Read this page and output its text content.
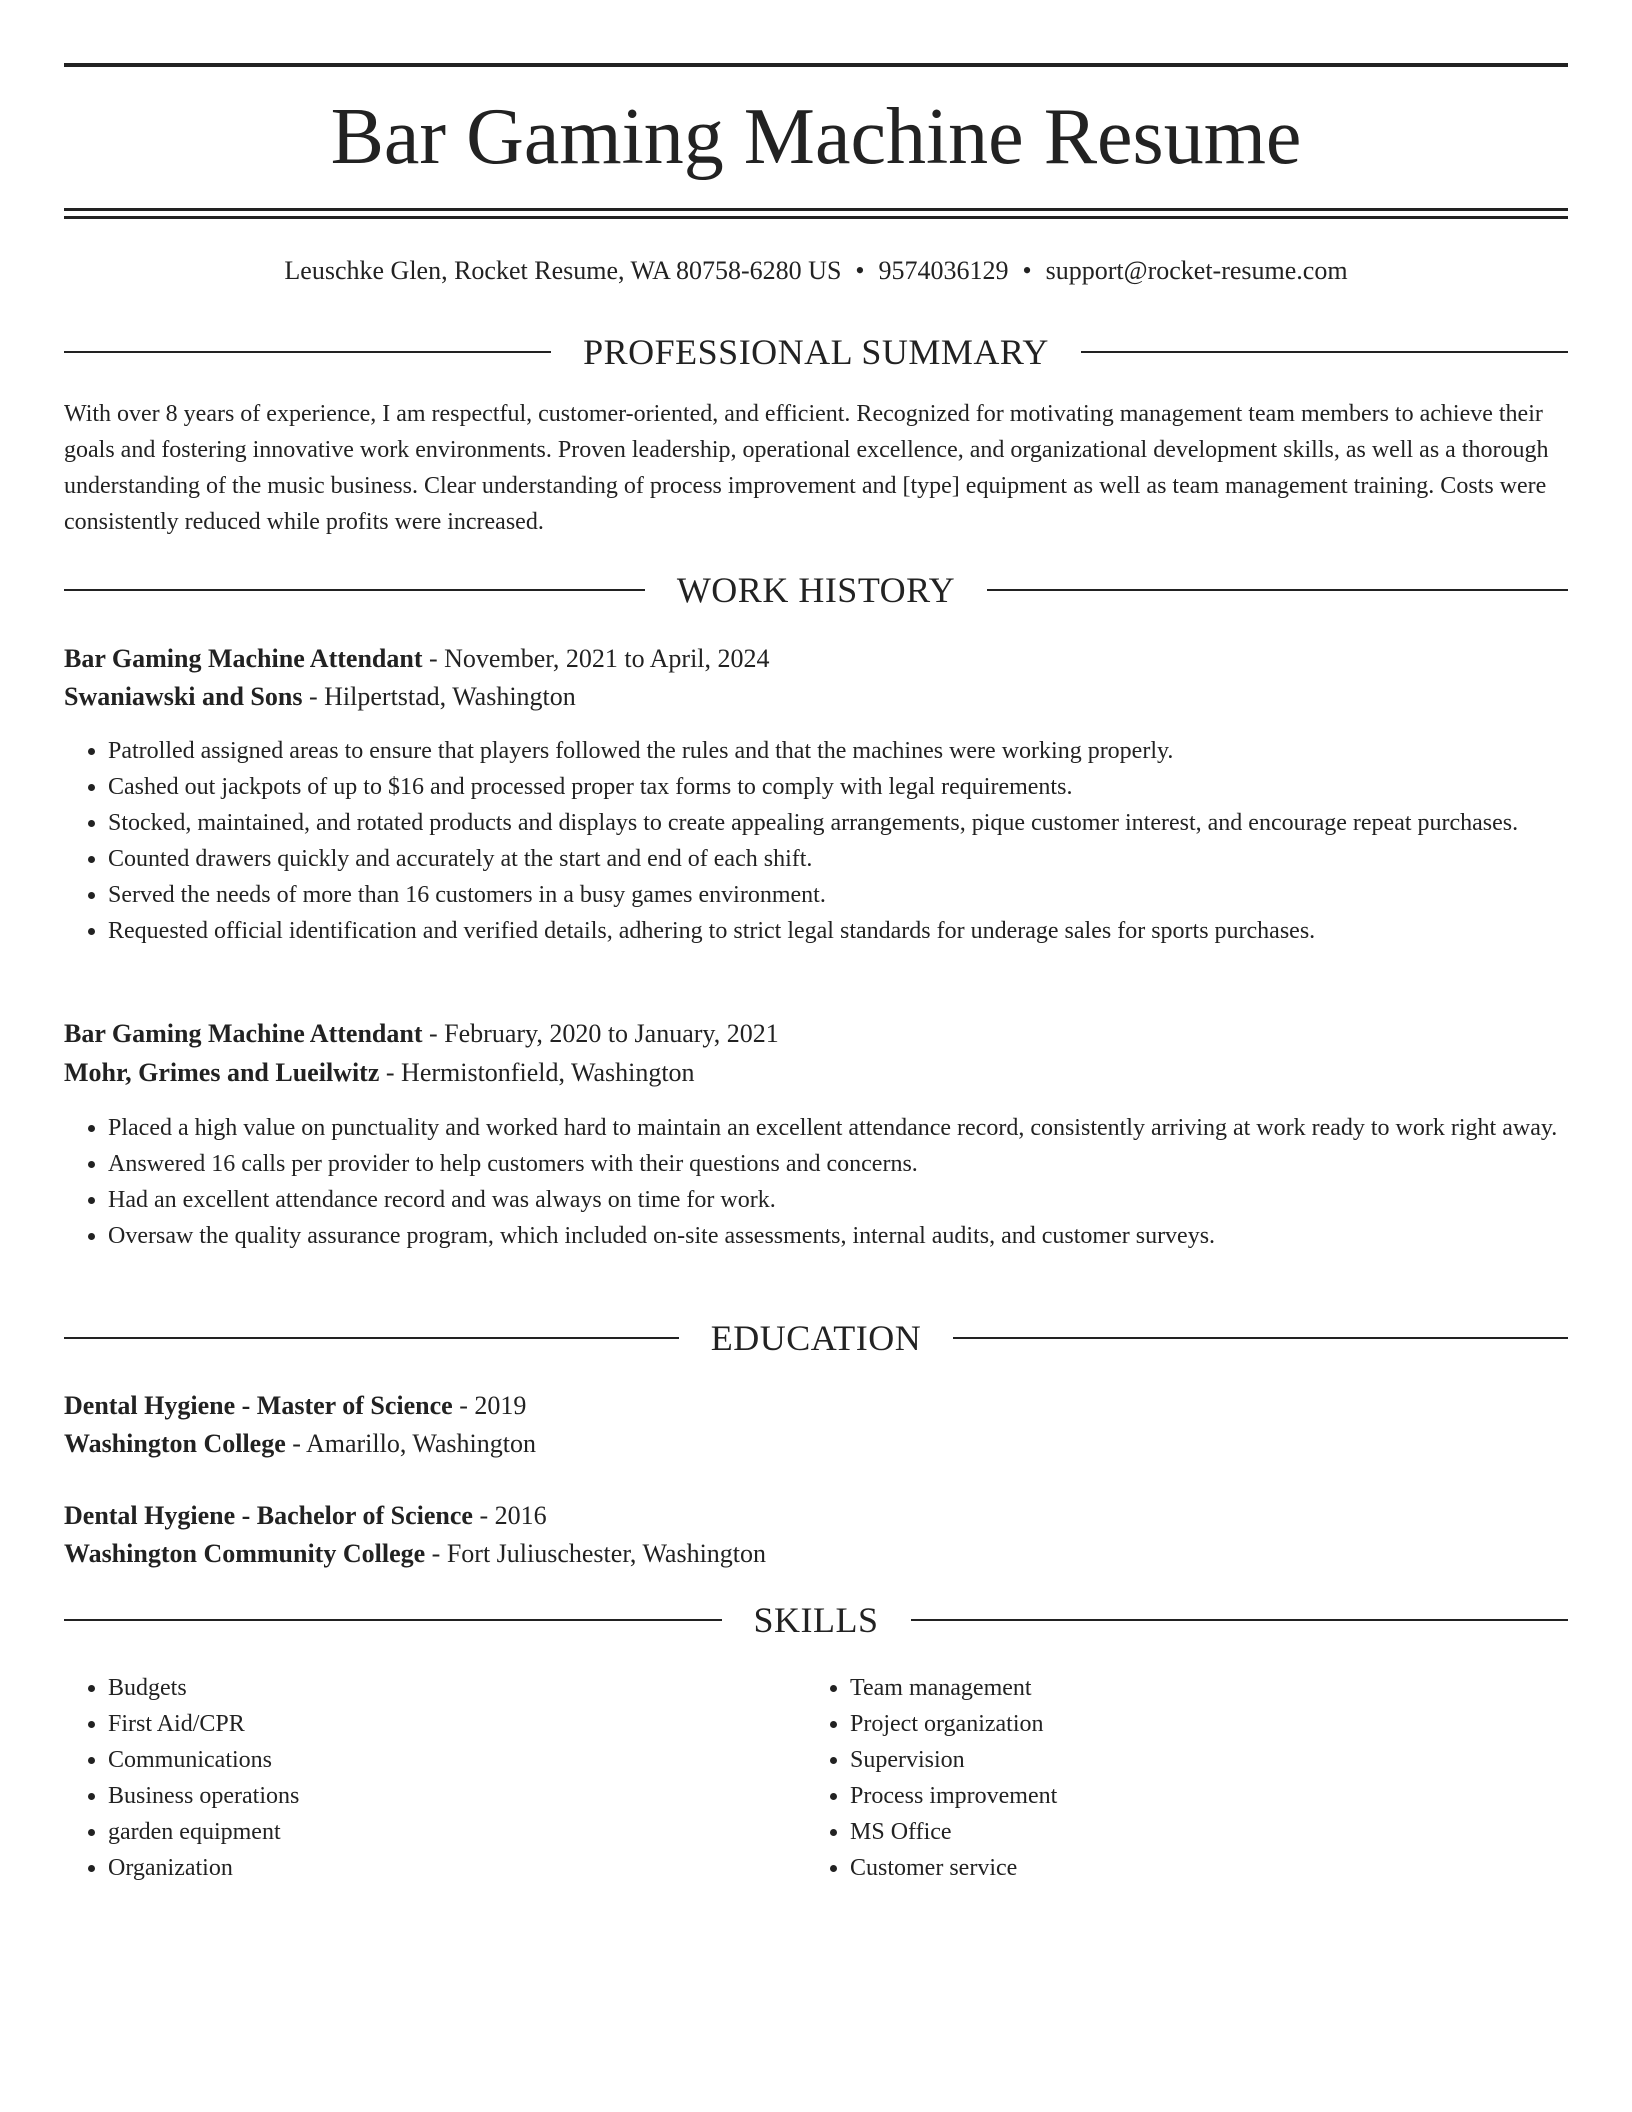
Bar Gaming Machine Resume
Leuschke Glen, Rocket Resume, WA 80758-6280 US • 9574036129 • support@rocket-resume.com
PROFESSIONAL SUMMARY

With over 8 years of experience, I am respectful, customer-oriented, and efficient. Recognized for motivating management team members to achieve their goals and fostering innovative work environments. Proven leadership, operational excellence, and organizational development skills, as well as a thorough understanding of the music business. Clear understanding of process improvement and [type] equipment as well as team management training. Costs were consistently reduced while profits were increased.

WORK HISTORY
Bar Gaming Machine Attendant - November, 2021 to April, 2024
Swaniawski and Sons - Hilpertstad, Washington
• Patrolled assigned areas to ensure that players followed the rules and that the machines were working properly.
• Cashed out jackpots of up to $16 and processed proper tax forms to comply with legal requirements.
• Stocked, maintained, and rotated products and displays to create appealing arrangements, pique customer interest, and encourage repeat purchases.
• Counted drawers quickly and accurately at the start and end of each shift.
• Served the needs of more than 16 customers in a busy games environment.
• Requested official identification and verified details, adhering to strict legal standards for underage sales for sports purchases.
Bar Gaming Machine Attendant - February, 2020 to January, 2021
Mohr, Grimes and Lueilwitz - Hermistonfield, Washington
• Placed a high value on punctuality and worked hard to maintain an excellent attendance record, consistently arriving at work ready to work right away.
• Answered 16 calls per provider to help customers with their questions and concerns.
• Had an excellent attendance record and was always on time for work.
• Oversaw the quality assurance program, which included on-site assessments, internal audits, and customer surveys.
EDUCATION
Dental Hygiene - Master of Science - 2019
Washington College - Amarillo, Washington
Dental Hygiene - Bachelor of Science - 2016
Washington Community College - Fort Juliuschester, Washington
SKILLS
• Budgets
• First Aid/CPR
• Communications
• Business operations
• garden equipment
• Organization
• Team management
• Project organization
• Supervision
• Process improvement
• MS Office
• Customer service
